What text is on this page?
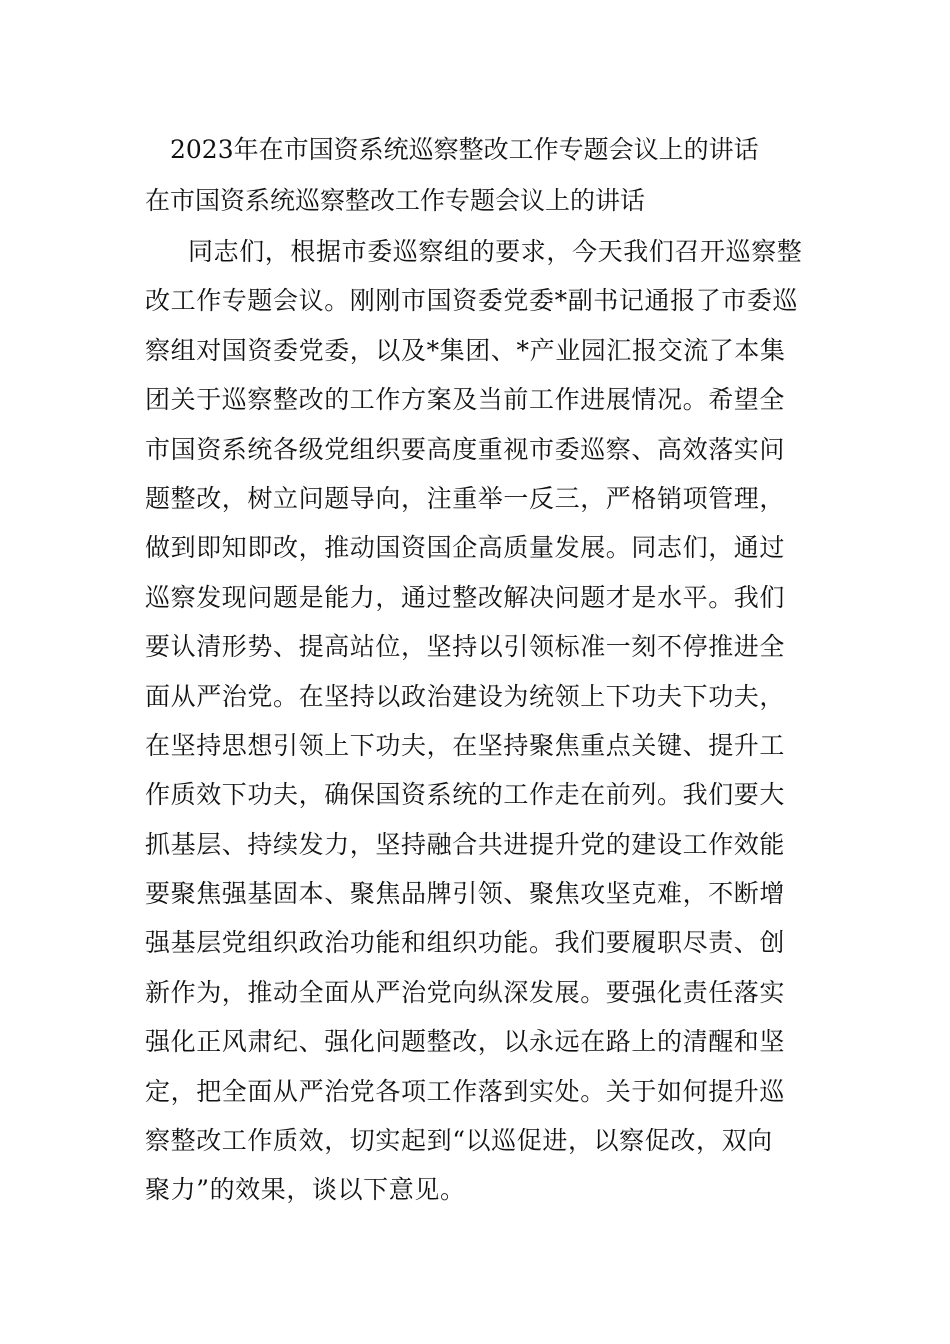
2023年在市国资系统巡察整改工作专题会议上的讲话
在市国资系统巡察整改工作专题会议上的讲话
同志们，根据市委巡察组的要求，今天我们召开巡察整
改工作专题会议。刚刚市国资委党委*副书记通报了市委巡
察组对国资委党委，以及*集团、*产业园汇报交流了本集
团关于巡察整改的工作方案及当前工作进展情况。希望全
市国资系统各级党组织要高度重视市委巡察、高效落实问
题整改，树立问题导向，注重举一反三，严格销项管理，
做到即知即改，推动国资国企高质量发展。同志们，通过
巡察发现问题是能力，通过整改解决问题才是水平。我们
要认清形势、提高站位，坚持以引领标准一刻不停推进全
面从严治党。在坚持以政治建设为统领上下功夫下功夫，
在坚持思想引领上下功夫，在坚持聚焦重点关键、提升工
作质效下功夫，确保国资系统的工作走在前列。我们要大
抓基层、持续发力，坚持融合共进提升党的建设工作效能
要聚焦强基固本、聚焦品牌引领、聚焦攻坚克难，不断增
强基层党组织政治功能和组织功能。我们要履职尽责、创
新作为，推动全面从严治党向纵深发展。要强化责任落实
强化正风肃纪、强化问题整改，以永远在路上的清醒和坚
定，把全面从严治党各项工作落到实处。关于如何提升巡
察整改工作质效，切实起到“以巡促进，以察促改，双向
聚力”的效果，谈以下意见。
